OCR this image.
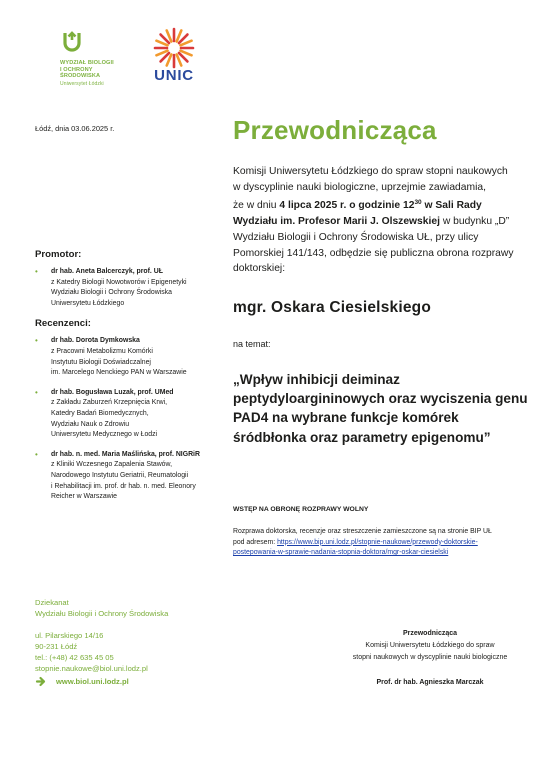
WYDZIAŁ BIOLOGII
I OCHRONY
ŚRODOWISKA
Uniwersytet Łódzki	UNIC
Łódź, dnia 03.06.2025 r.	Przewodnicząca
Komisji Uniwersytetu Łódzkiego do spraw stopni naukowych
w dyscyplinie nauki biologiczne, uprzejmie zawiadamia,
że w dniu 4 lipca 2025 r. o godzinie $12^{30}$ w Sali Rady
Wydziału im. Profesor Marii J. Olszewskiej w budynku „D”
Wydziału Biologii i Ochrony Środowiska UŁ, przy ulicy
Pomorskiej 141/143, odbędzie się publiczna obrona rozprawy
doktorskiej:
mgr. Oskara Ciesielskiego
na temat:
„Wpływ inhibicji deiminaz
peptydyloargininowych oraz wyciszenia genu
PAD4 na wybrane funkcje komórek
śródbłonka oraz parametry epigenomu”
Promotor:
• dr hab. Aneta Balcerczyk, prof. UŁ
z Katedry Biologii Nowotworów i Epigenetyki
Wydziału Biologii i Ochrony Środowiska
Uniwersytetu Łódzkiego
Recenzenci:
• dr hab. Dorota Dymkowska
z Pracowni Metabolizmu Komórki
Instytutu Biologii Doświadczalnej
im. Marcelego Nenckiego PAN w Warszawie
• dr hab. Bogusława Luzak, prof. UMed
z Zakładu Zaburzeń Krzepnięcia Krwi,
Katedry Badań Biomedycznych,
Wydziału Nauk o Zdrowiu
Uniwersytetu Medycznego w Łodzi
• dr hab. n. med. Maria Maślińska, prof. NIGRiR
z Kliniki Wczesnego Zapalenia Stawów,
Narodowego Instytutu Geriatrii, Reumatologii
i Rehabilitacji im. prof. dr hab. n. med. Eleonory
Reicher w Warszawie
WSTĘP NA OBRONĘ ROZPRAWY WOLNY
Rozprawa doktorska, recenzje oraz streszczenie zamieszczone są na stronie BIP UŁ
pod adresem: https://www.bip.uni.lodz.pl/stopnie-naukowe/przewody-doktorskie-
postepowania-w-sprawie-nadania-stopnia-doktora/mgr-oskar-ciesielski
Dziekanat
Wydziału Biologii i Ochrony Środowiska
ul. Pilarskiego 14/16
90-231 Łódź
tel.: (+48) 42 635 45 05
stopnie.naukowe@biol.uni.lodz.pl
www.biol.uni.lodz.pl
Przewodnicząca
Komisji Uniwersytetu Łódzkiego do spraw
stopni naukowych w dyscyplinie nauki biologiczne
Prof. dr hab. Agnieszka Marczak
